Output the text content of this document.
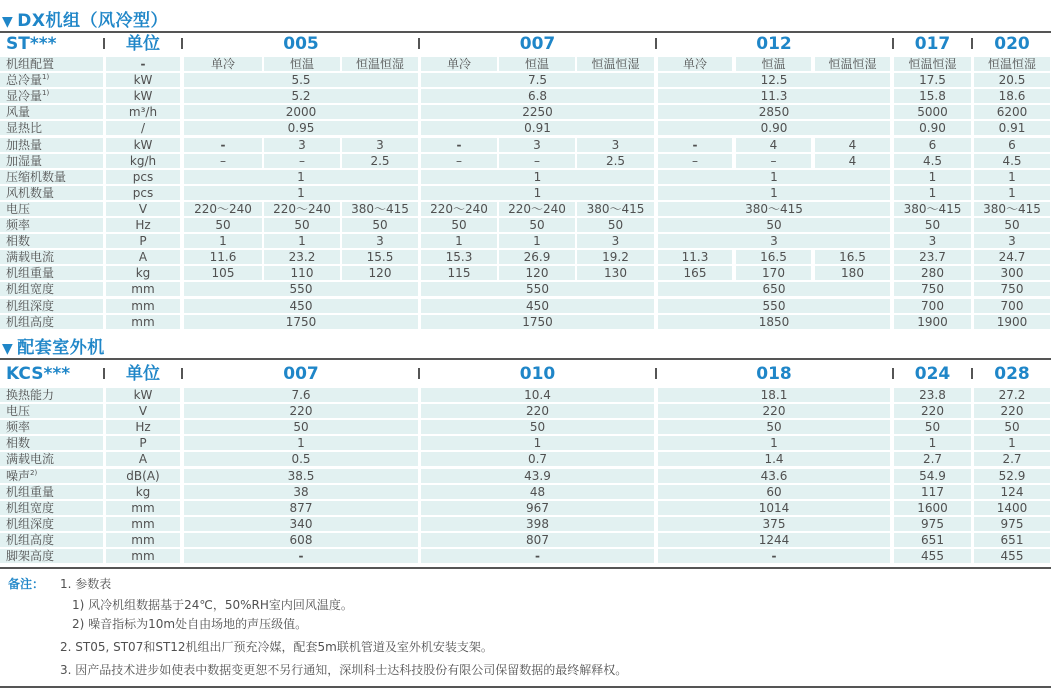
▼ DX机组（风冷型）
ST***	单位	005	007	012	017	020
机组配置	-	单冷	恒温	恒温恒湿	单冷	恒温	恒温恒湿	单冷	恒温	恒温恒湿	恒温恒湿	恒温恒湿
总冷量$^{1)}$	kW	5.5	7.5	12.5	17.5	20.5
显冷量$^{1)}$	kW	5.2	6.8	11.3	15.8	18.6
风量	m³/h	2000	2250	2850	5000	6200
显热比	/	0.95	0.91	0.90	0.90	0.91
加热量	kW	-	3	3	-	3	3	-	4	4	6	6
加湿量	kg/h	–	–	2.5	–	–	2.5	–	–	4	4.5	4.5
压缩机数量	pcs	1	1	1	1	1
风机数量	pcs	1	1	1	1	1
电压	V	220～240	220～240	380～415	220～240	220～240	380～415	380～415	380～415	380～415
频率	Hz	50	50	50	50	50	50	50	50	50
相数	P	1	1	3	1	1	3	3	3	3
满载电流	A	11.6	23.2	15.5	15.3	26.9	19.2	11.3	16.5	16.5	23.7	24.7
机组重量	kg	105	110	120	115	120	130	165	170	180	280	300
机组宽度	mm	550	550	650	750	750
机组深度	mm	450	450	550	700	700
机组高度	mm	1750	1750	1850	1900	1900
▼ 配套室外机
KCS***	单位	007	010	018	024	028
换热能力	kW	7.6	10.4	18.1	23.8	27.2
电压	V	220	220	220	220	220
频率	Hz	50	50	50	50	50
相数	P	1	1	1	1	1
满载电流	A	0.5	0.7	1.4	2.7	2.7
噪声$^{2)}$	dB(A)	38.5	43.9	43.6	54.9	52.9
机组重量	kg	38	48	60	117	124
机组宽度	mm	877	967	1014	1600	1400
机组深度	mm	340	398	375	975	975
机组高度	mm	608	807	1244	651	651
脚架高度	mm	-	-	-	455	455
备注： 1. 参数表
1) 风冷机组数据基于24℃，50%RH室内回风温度。
2) 噪音指标为10m处自由场地的声压级值。
2. ST05, ST07和ST12机组出厂预充冷媒，配套5m联机管道及室外机安装支架。
3. 因产品技术进步如使表中数据变更恕不另行通知，深圳科士达科技股份有限公司保留数据的最终解释权。
